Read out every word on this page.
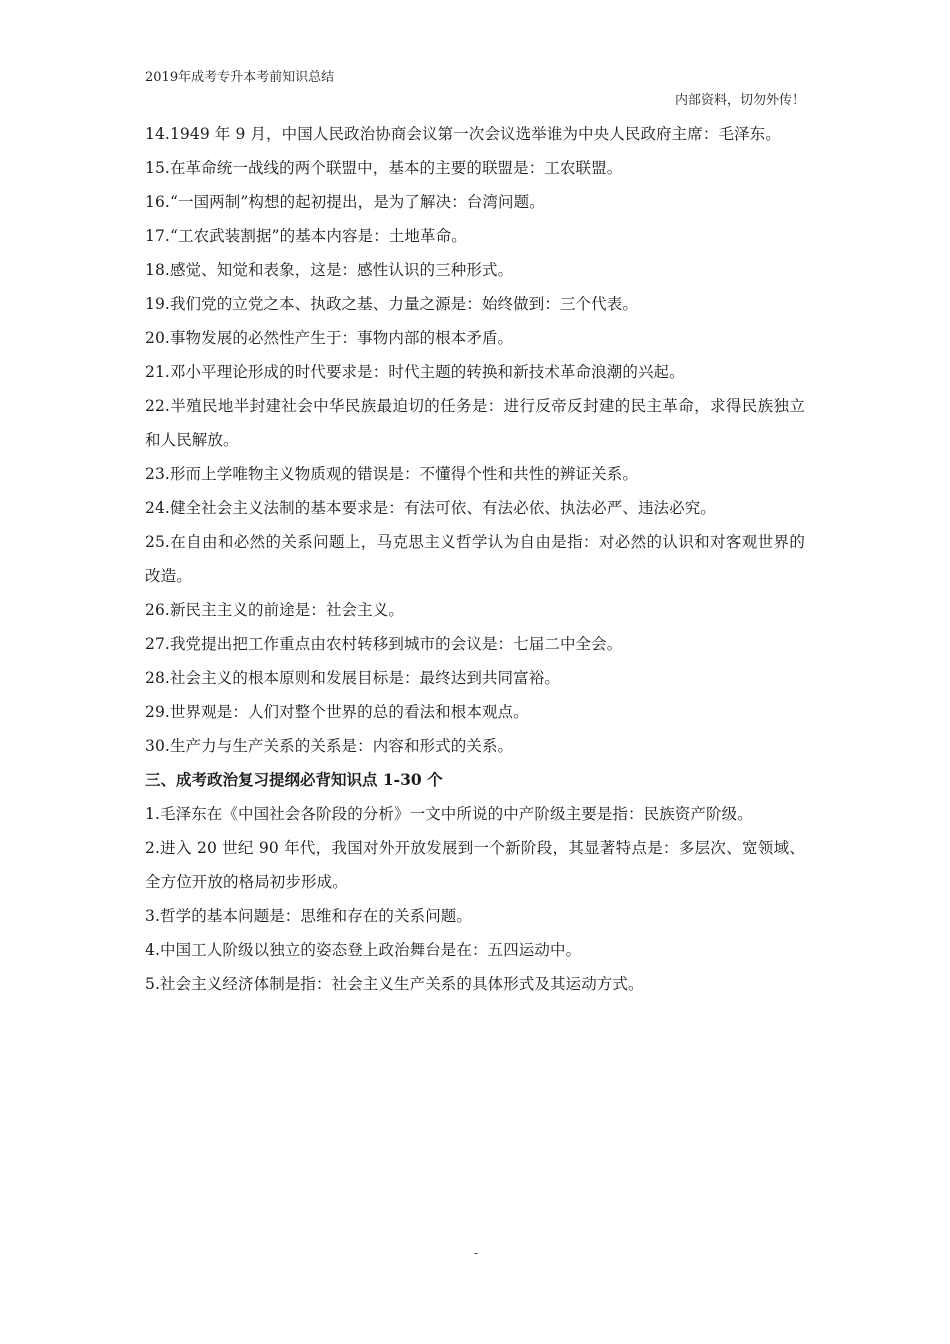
2019年成考专升本考前知识总结
内部资料，切勿外传！

14.1949 年 9 月，中国人民政治协商会议第一次会议选举谁为中央人民政府主席：毛泽东。

15.在革命统一战线的两个联盟中，基本的主要的联盟是：工农联盟。

16.“一国两制”构想的起初提出，是为了解决：台湾问题。

17.“工农武装割据”的基本内容是：土地革命。

18.感觉、知觉和表象，这是：感性认识的三种形式。

19.我们党的立党之本、执政之基、力量之源是：始终做到：三个代表。

20.事物发展的必然性产生于：事物内部的根本矛盾。

21.邓小平理论形成的时代要求是：时代主题的转换和新技术革命浪潮的兴起。

22.半殖民地半封建社会中华民族最迫切的任务是：进行反帝反封建的民主革命，求得民族独立和人民解放。

23.形而上学唯物主义物质观的错误是：不懂得个性和共性的辨证关系。

24.健全社会主义法制的基本要求是：有法可依、有法必依、执法必严、违法必究。

25.在自由和必然的关系问题上，马克思主义哲学认为自由是指：对必然的认识和对客观世界的改造。

26.新民主主义的前途是：社会主义。

27.我党提出把工作重点由农村转移到城市的会议是：七届二中全会。

28.社会主义的根本原则和发展目标是：最终达到共同富裕。

29.世界观是：人们对整个世界的总的看法和根本观点。

30.生产力与生产关系的关系是：内容和形式的关系。

三、成考政治复习提纲必背知识点 1-30 个

1.毛泽东在《中国社会各阶段的分析》一文中所说的中产阶级主要是指：民族资产阶级。

2.进入 20 世纪 90 年代，我国对外开放发展到一个新阶段，其显著特点是：多层次、宽领域、全方位开放的格局初步形成。

3.哲学的基本问题是：思维和存在的关系问题。

4.中国工人阶级以独立的姿态登上政治舞台是在：五四运动中。

5.社会主义经济体制是指：社会主义生产关系的具体形式及其运动方式。

-
